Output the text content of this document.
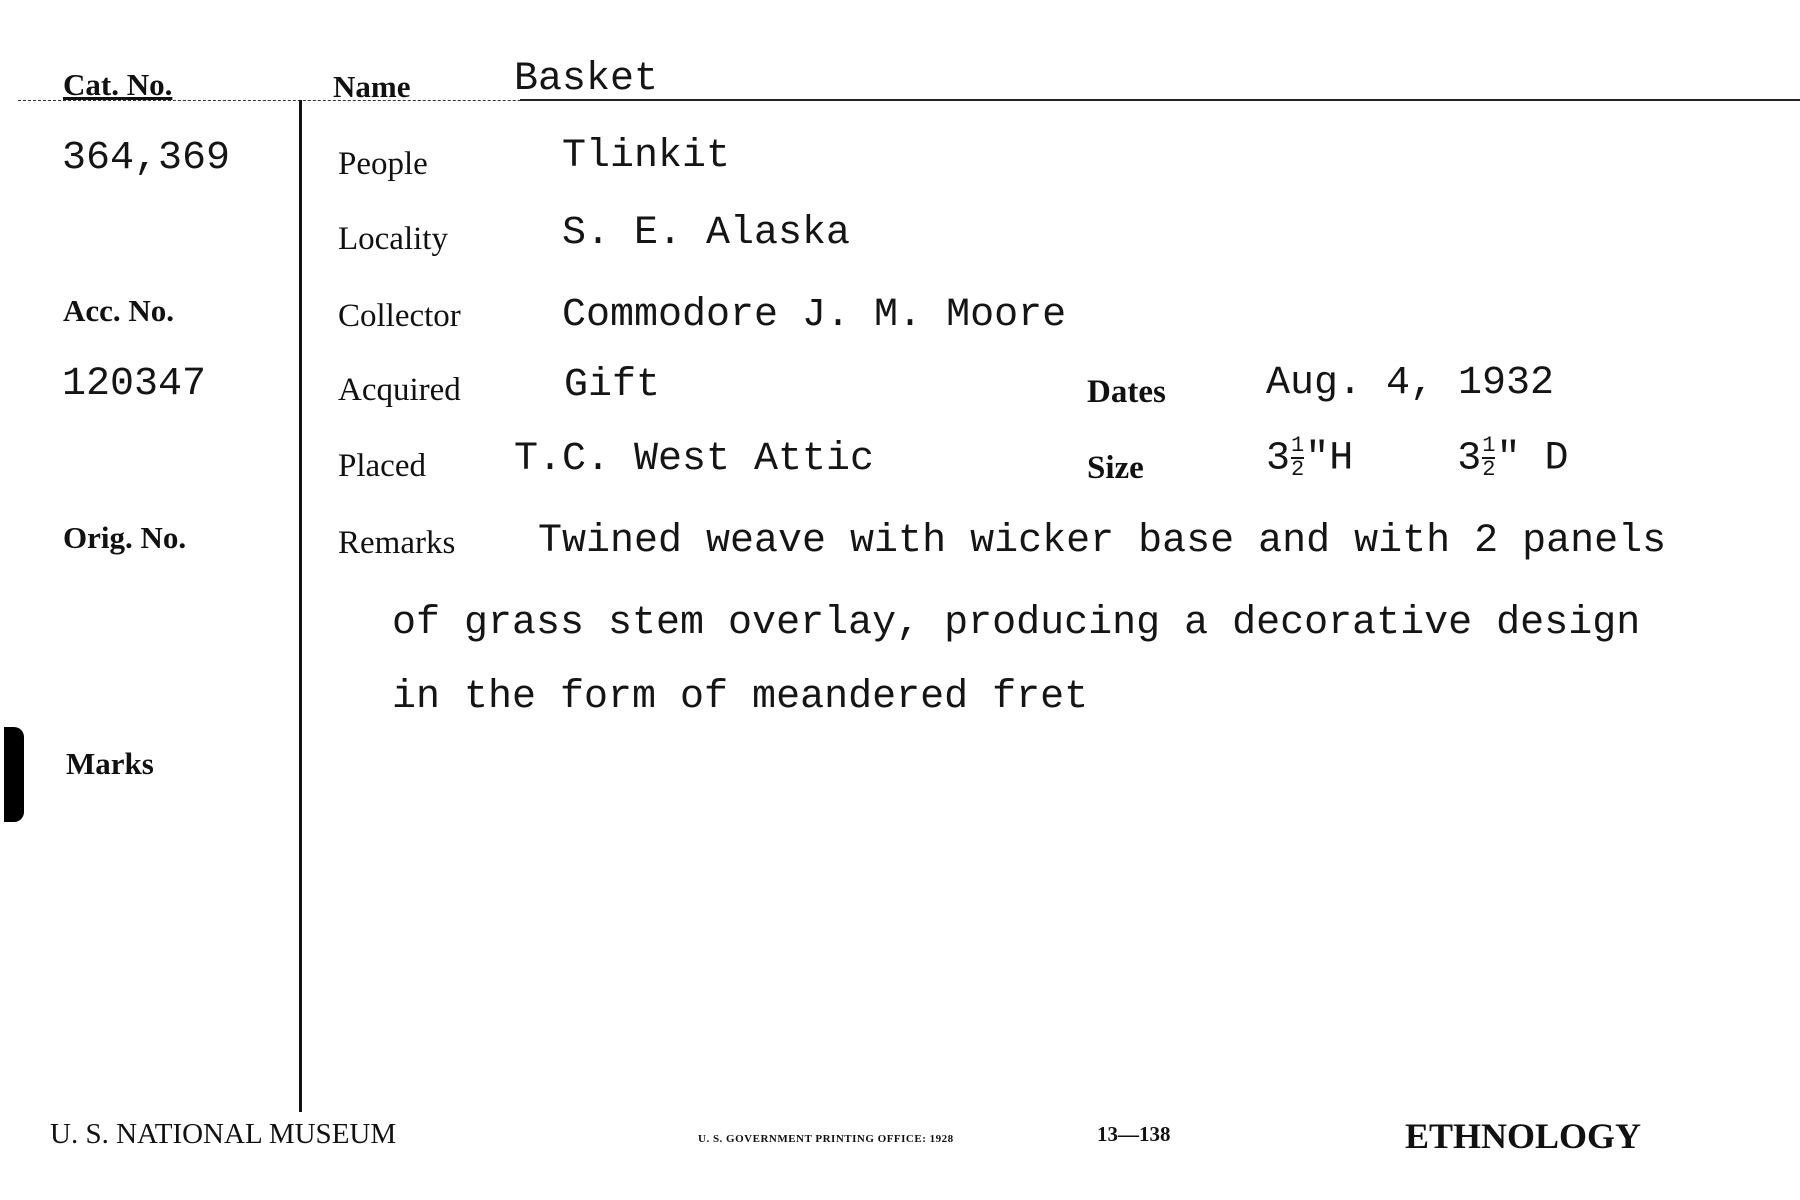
Cat. No.
364,369
Acc. No.
120347
Orig. No.
Marks
Name	Basket
People	Tlinkit
Locality	S. E. Alaska
Collector	Commodore J. M. Moore
Acquired	Gift	Dates	Aug. 4, 1932
Placed T.C. West Attic	Size	$3 \frac{1}{2}$ "H	$3 \frac{1}{2}$ " D
Remarks Twined weave with wicker base and with 2 panels
of grass stem overlay, producing a decorative design
in the form of meandered fret
U. S. NATIONAL MUSEUM	U. S. GOVERNMENT PRINTING OFFICE: 1928	13—138	ETHNOLOGY
